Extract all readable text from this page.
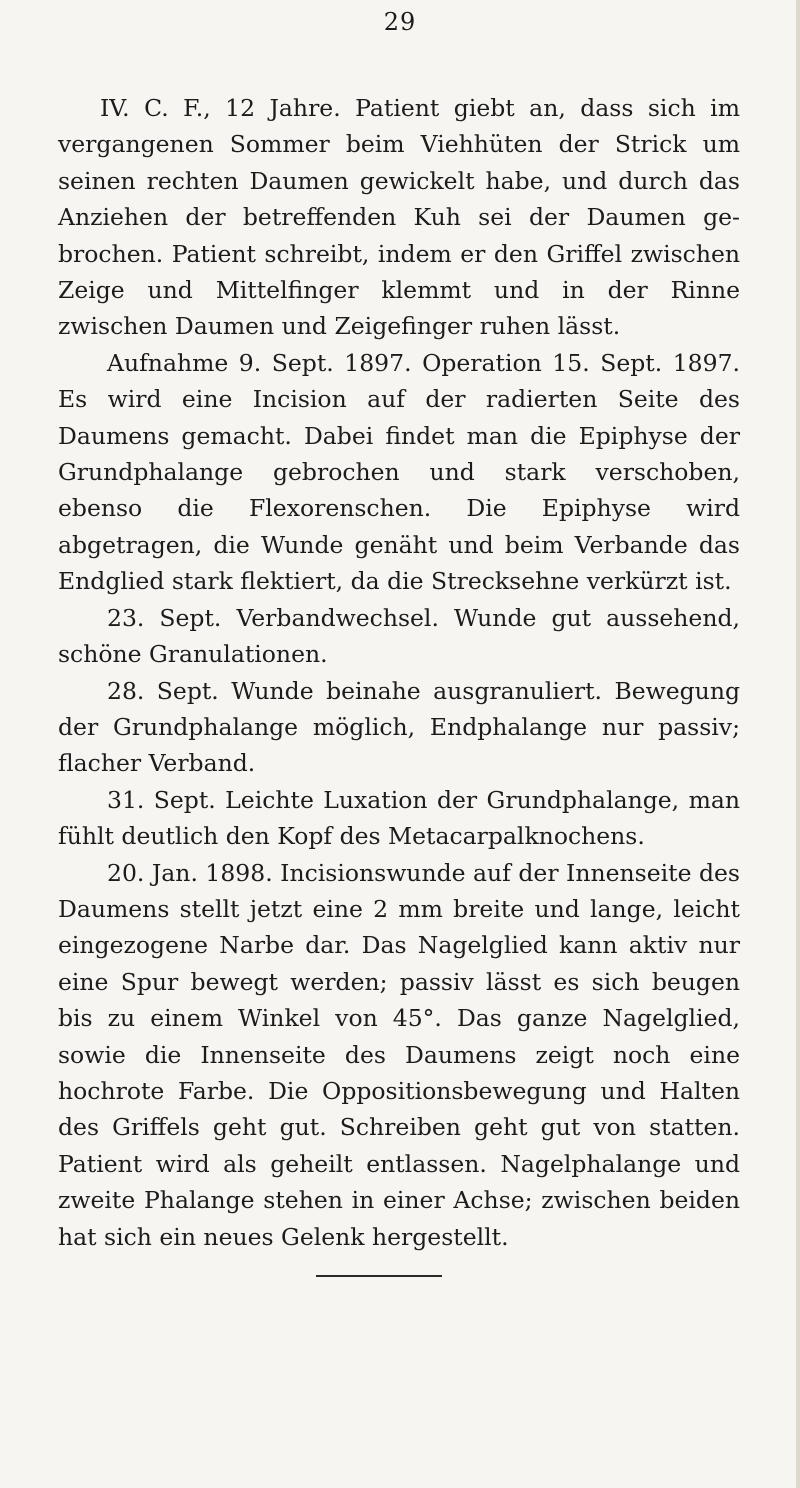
29

IV. C. F., 12 Jahre. Patient giebt an, dass sich im vergangenen Sommer beim Viehhüten der Strick um seinen rechten Daumen gewickelt habe, und durch das Anziehen der betreffenden Kuh sei der Daumen gebrochen. Patient schreibt, indem er den Griffel zwischen Zeige und Mittelfinger klemmt und in der Rinne zwischen Daumen und Zeigefinger ruhen lässt.

Aufnahme 9. Sept. 1897. Operation 15. Sept. 1897. Es wird eine Incision auf der radierten Seite des Daumens gemacht. Dabei findet man die Epiphyse der Grundphalange gebrochen und stark verschoben, ebenso die Flexorenschen. Die Epiphyse wird abgetragen, die Wunde genäht und beim Verbande das Endglied stark flektiert, da die Strecksehne verkürzt ist.

23. Sept. Verbandwechsel. Wunde gut aussehend, schöne Granulationen.

28. Sept. Wunde beinahe ausgranuliert. Bewegung der Grundphalange möglich, Endphalange nur passiv; flacher Verband.

31. Sept. Leichte Luxation der Grundphalange, man fühlt deutlich den Kopf des Metacarpalknochens.

20. Jan. 1898. Incisionswunde auf der Innenseite des Daumens stellt jetzt eine 2 mm breite und lange, leicht eingezogene Narbe dar. Das Nagelglied kann aktiv nur eine Spur bewegt werden; passiv lässt es sich beugen bis zu einem Winkel von 45°. Das ganze Nagelglied, sowie die Innenseite des Daumens zeigt noch eine hochrote Farbe. Die Oppositionsbewegung und Halten des Griffels geht gut. Schreiben geht gut von statten. Patient wird als geheilt entlassen. Nagelphalange und zweite Phalange stehen in einer Achse; zwischen beiden hat sich ein neues Gelenk hergestellt.
